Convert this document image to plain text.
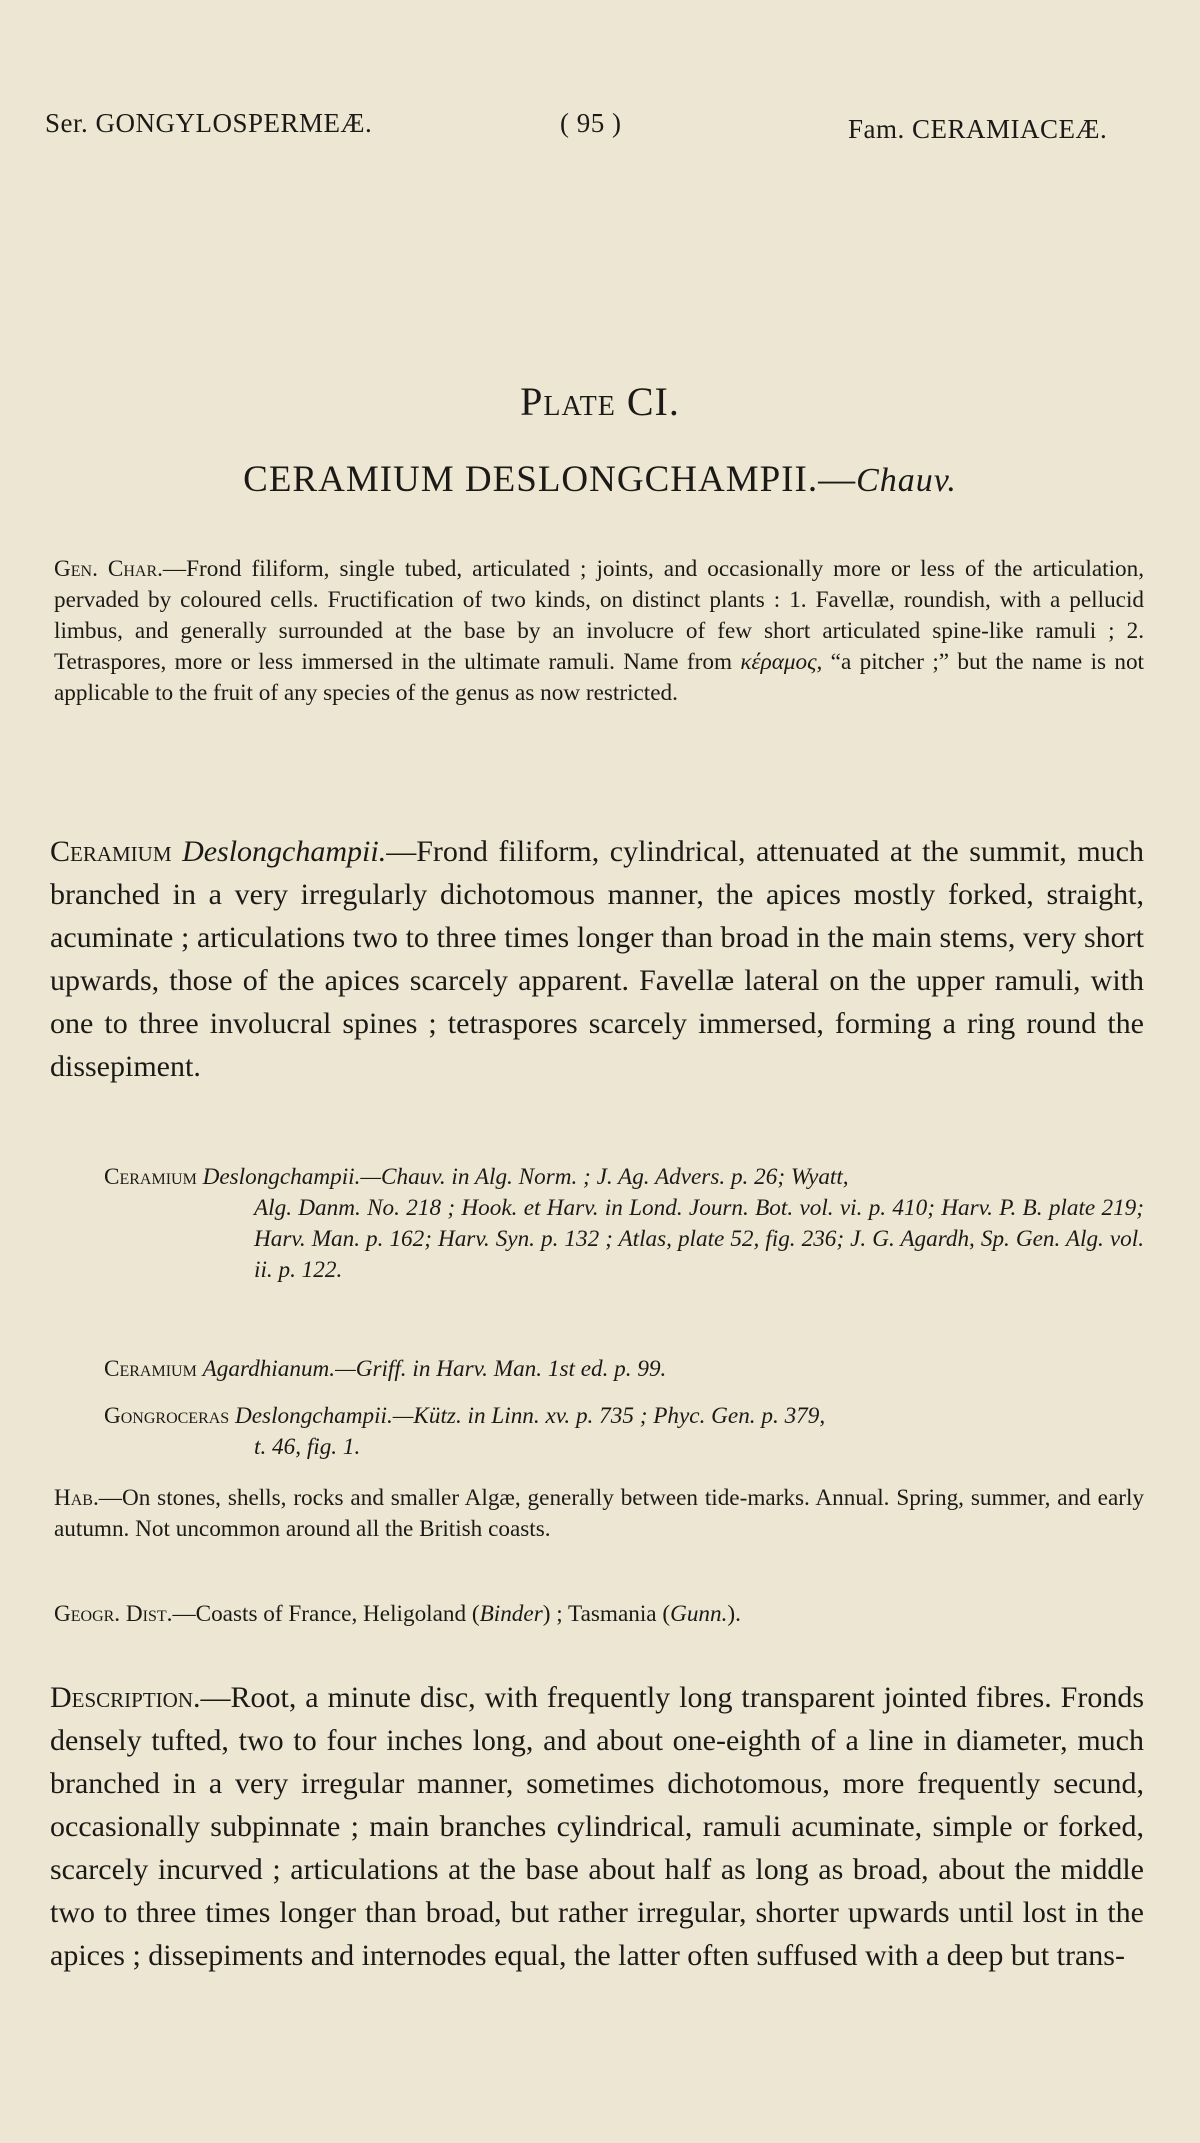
Ser. GONGYLOSPERMEÆ.	( 95 )	Fam. CERAMIACEÆ.
Plate CI.
CERAMIUM DESLONGCHAMPII.—Chauv.
Gen. Char.—Frond filiform, single tubed, articulated ; joints, and occasionally more or less of the articulation, pervaded by coloured cells. Fructification of two kinds, on distinct plants : 1. Favellæ, roundish, with a pellucid limbus, and generally surrounded at the base by an involucre of few short articulated spine-like ramuli ; 2. Tetraspores, more or less immersed in the ultimate ramuli. Name from κέραμος, “a pitcher ;” but the name is not applicable to the fruit of any species of the genus as now restricted.
Ceramium Deslongchampii.—Frond filiform, cylindrical, attenuated at the summit, much branched in a very irregularly dichotomous manner, the apices mostly forked, straight, acuminate ; articulations two to three times longer than broad in the main stems, very short upwards, those of the apices scarcely apparent. Favellæ lateral on the upper ramuli, with one to three involucral spines ; tetraspores scarcely immersed, forming a ring round the dissepiment.
Ceramium Deslongchampii.—Chauv. in Alg. Norm. ; J. Ag. Advers. p. 26; Wyatt,
Alg. Danm. No. 218 ; Hook. et Harv. in Lond. Journ. Bot. vol. vi. p. 410; Harv. P. B. plate 219; Harv. Man. p. 162; Harv. Syn. p. 132 ; Atlas, plate 52, fig. 236; J. G. Agardh, Sp. Gen. Alg. vol. ii. p. 122.
Ceramium Agardhianum.—Griff. in Harv. Man. 1st ed. p. 99.
Gongroceras Deslongchampii.—Kütz. in Linn. xv. p. 735 ; Phyc. Gen. p. 379,
t. 46, fig. 1.
Hab.—On stones, shells, rocks and smaller Algæ, generally between tide-marks. Annual. Spring, summer, and early autumn. Not uncommon around all the British coasts.
Geogr. Dist.—Coasts of France, Heligoland (Binder) ; Tasmania (Gunn.).
Description.—Root, a minute disc, with frequently long transparent jointed fibres. Fronds densely tufted, two to four inches long, and about one-eighth of a line in diameter, much branched in a very irregular manner, sometimes dichotomous, more frequently secund, occasionally subpinnate ; main branches cylindrical, ramuli acuminate, simple or forked, scarcely incurved ; articulations at the base about half as long as broad, about the middle two to three times longer than broad, but rather irregular, shorter upwards until lost in the apices ; dissepiments and internodes equal, the latter often suffused with a deep but trans-
